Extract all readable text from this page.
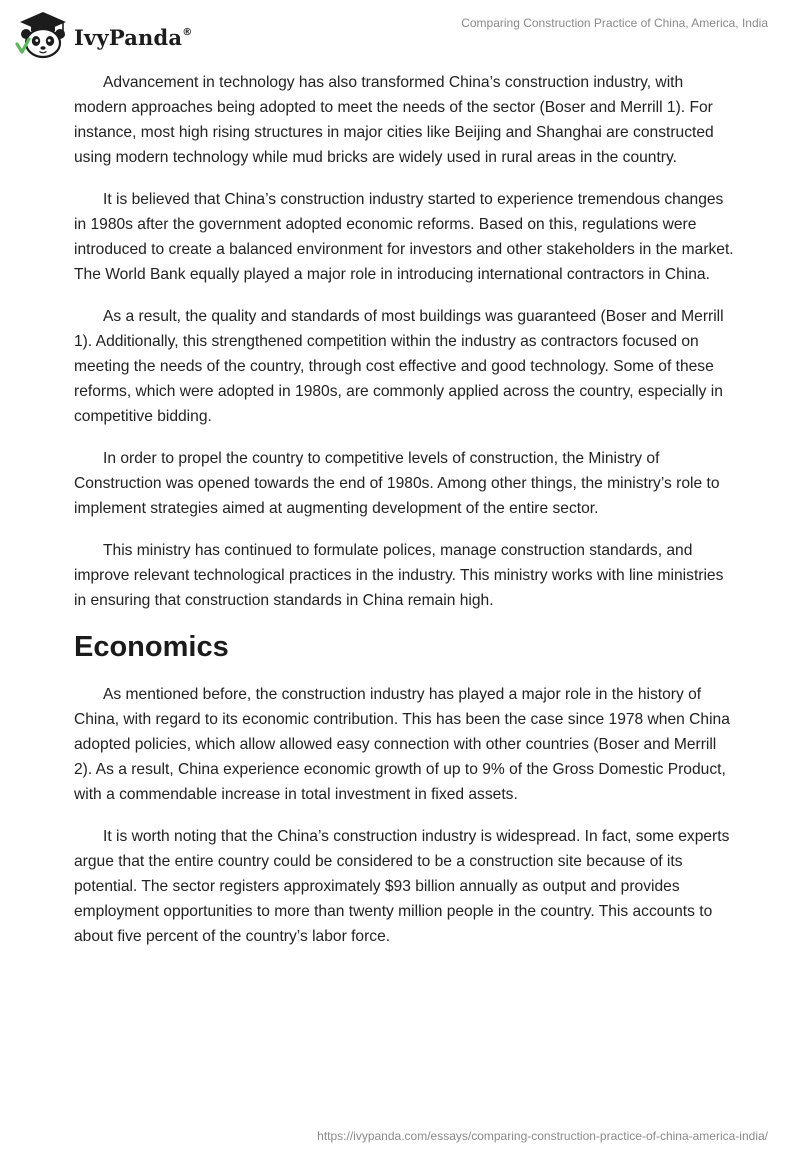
IvyPanda®
Comparing Construction Practice of China, America, India

Advancement in technology has also transformed China’s construction industry, with modern approaches being adopted to meet the needs of the sector (Boser and Merrill 1). For instance, most high rising structures in major cities like Beijing and Shanghai are constructed using modern technology while mud bricks are widely used in rural areas in the country.

It is believed that China’s construction industry started to experience tremendous changes in 1980s after the government adopted economic reforms. Based on this, regulations were introduced to create a balanced environment for investors and other stakeholders in the market. The World Bank equally played a major role in introducing international contractors in China.

As a result, the quality and standards of most buildings was guaranteed (Boser and Merrill 1). Additionally, this strengthened competition within the industry as contractors focused on meeting the needs of the country, through cost effective and good technology. Some of these reforms, which were adopted in 1980s, are commonly applied across the country, especially in competitive bidding.

In order to propel the country to competitive levels of construction, the Ministry of Construction was opened towards the end of 1980s. Among other things, the ministry’s role to implement strategies aimed at augmenting development of the entire sector.

This ministry has continued to formulate polices, manage construction standards, and improve relevant technological practices in the industry. This ministry works with line ministries in ensuring that construction standards in China remain high.

Economics

As mentioned before, the construction industry has played a major role in the history of China, with regard to its economic contribution. This has been the case since 1978 when China adopted policies, which allow allowed easy connection with other countries (Boser and Merrill 2). As a result, China experience economic growth of up to 9% of the Gross Domestic Product, with a commendable increase in total investment in fixed assets.

It is worth noting that the China’s construction industry is widespread. In fact, some experts argue that the entire country could be considered to be a construction site because of its potential. The sector registers approximately $93 billion annually as output and provides employment opportunities to more than twenty million people in the country. This accounts to about five percent of the country’s labor force.

https://ivypanda.com/essays/comparing-construction-practice-of-china-america-india/
